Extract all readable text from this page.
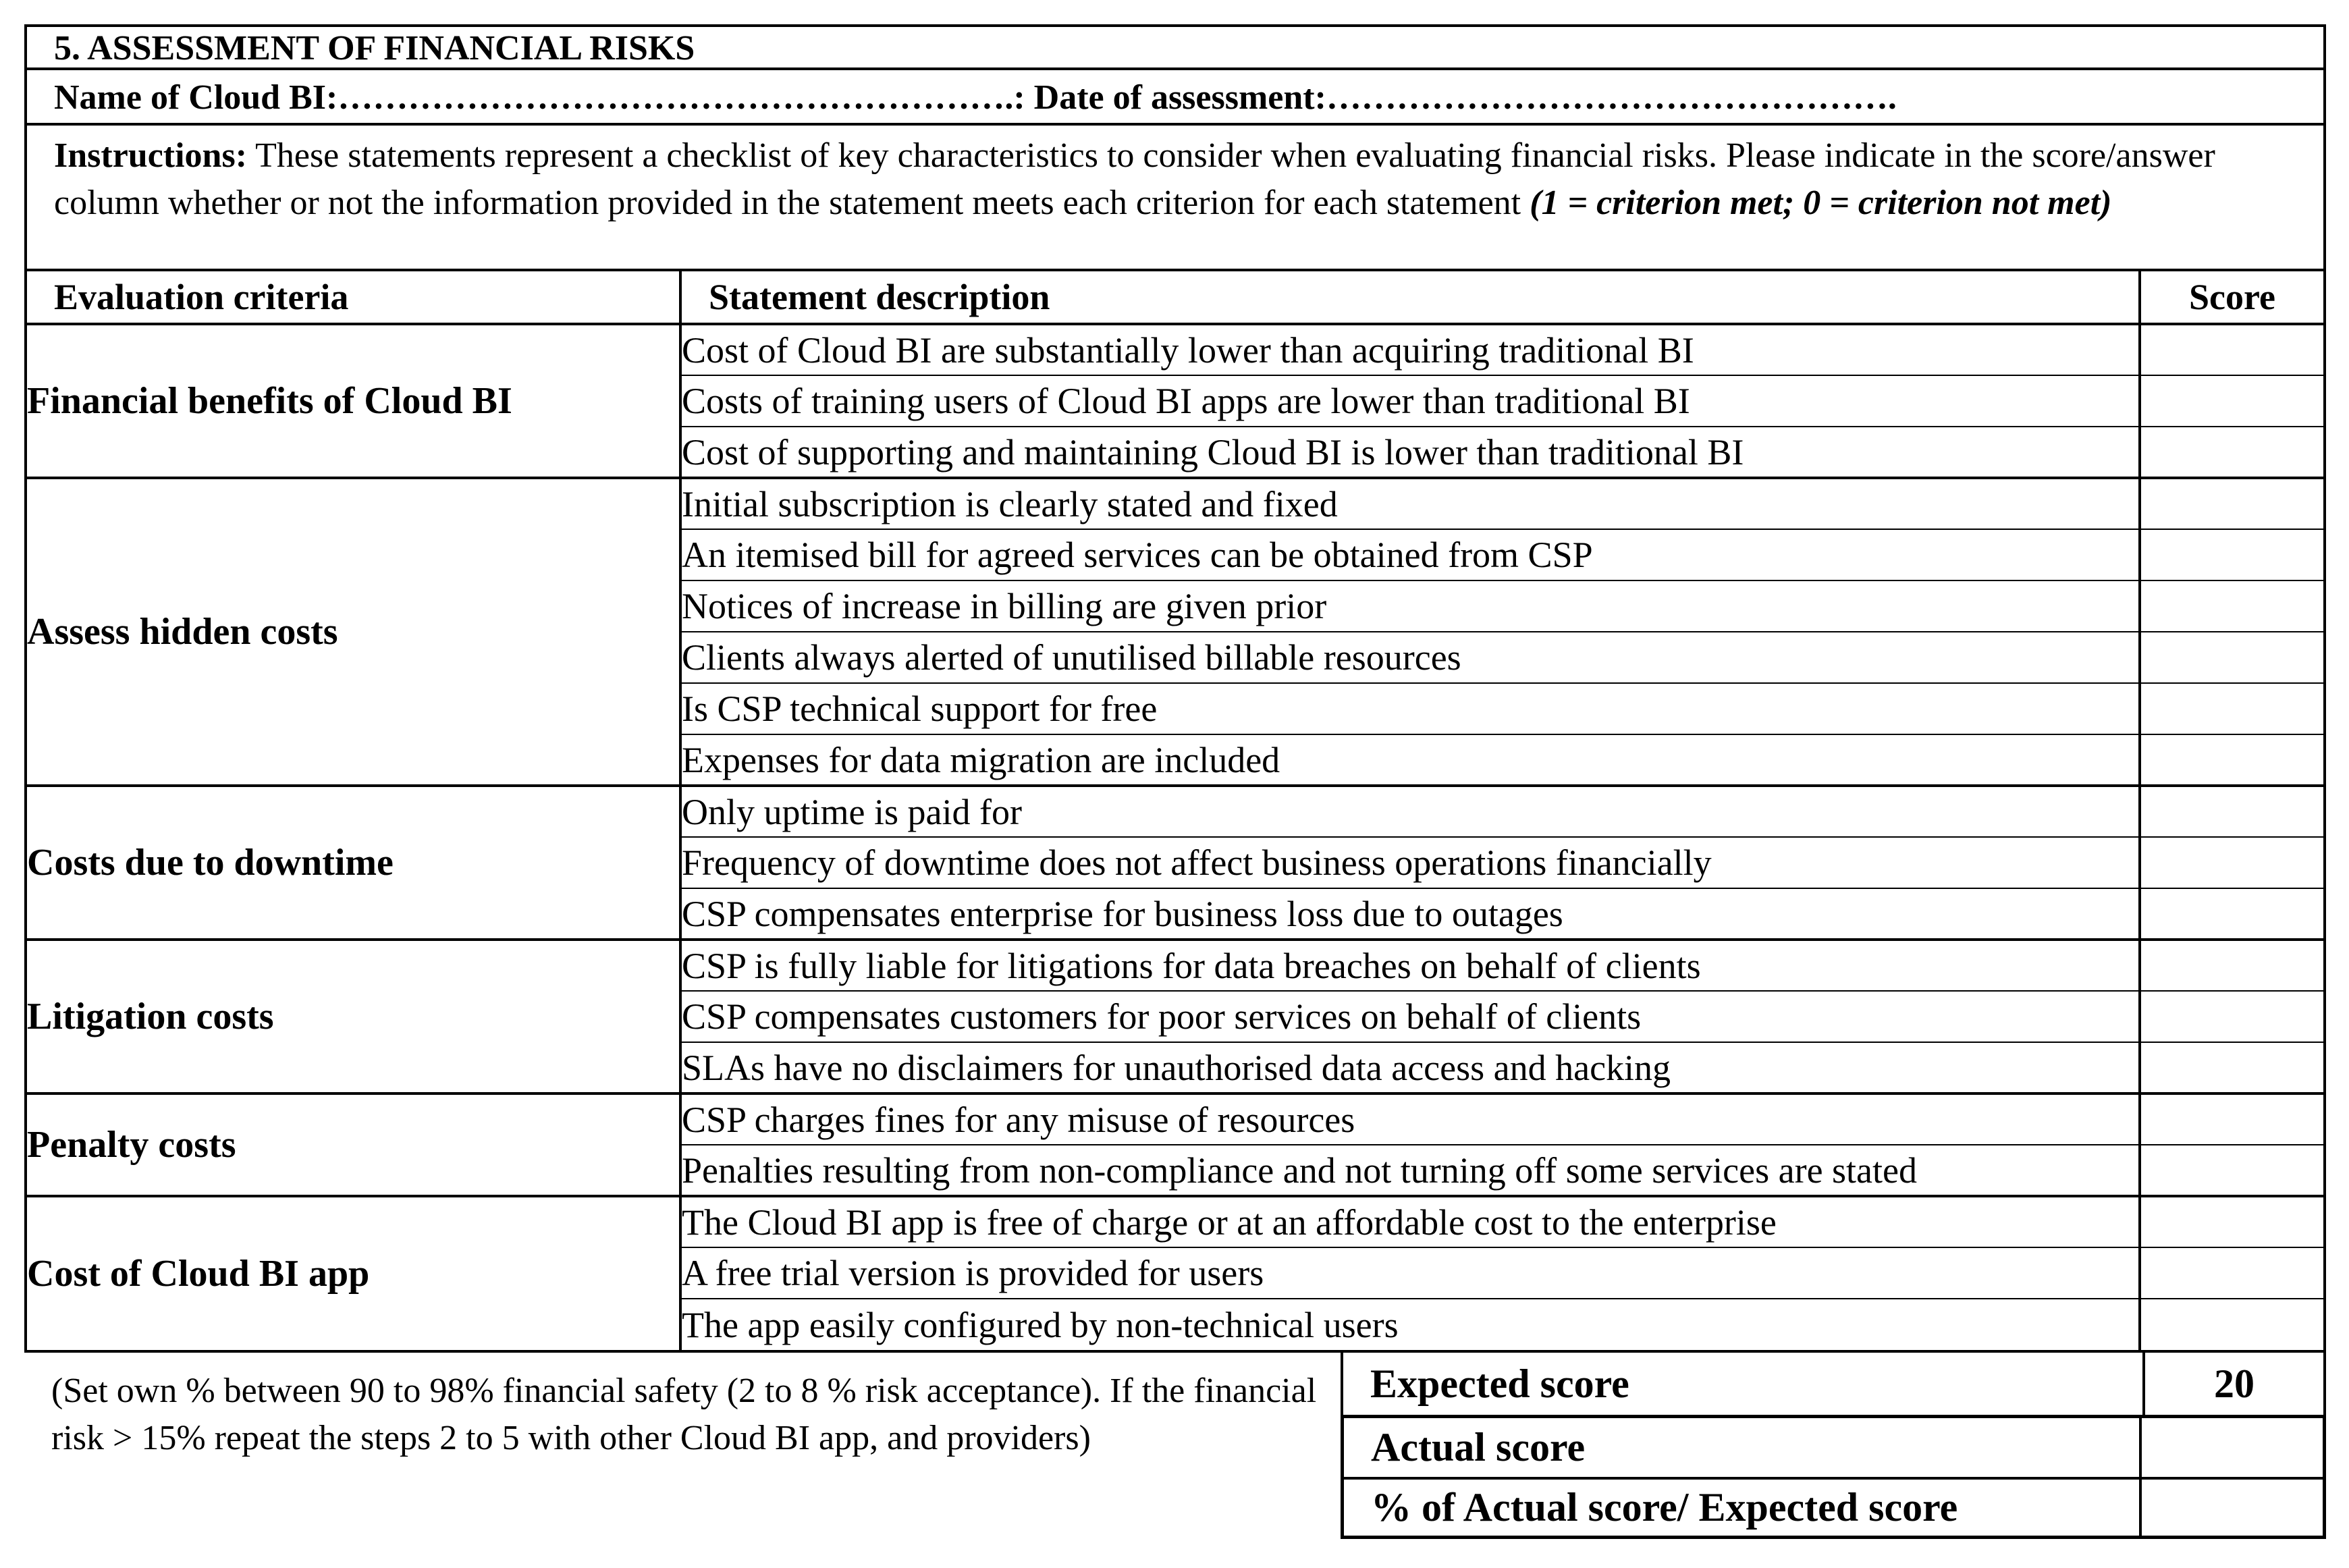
5. ASSESSMENT OF FINANCIAL RISKS
Name of Cloud BI:………………………………………………….: Date of assessment:………………………………………….
Instructions: These statements represent a checklist of key characteristics to consider when evaluating financial risks. Please indicate in the score/answer column whether or not the information provided in the statement meets each criterion for each statement (1 = criterion met; 0 = criterion not met)
Evaluation criteria	Statement description	Score
Financial benefits of Cloud BI	Cost of Cloud BI are substantially lower than acquiring traditional BI	
	Costs of training users of Cloud BI apps are lower than traditional BI	
	Cost of supporting and maintaining Cloud BI is lower than traditional BI	
Assess hidden costs	Initial subscription is clearly stated and fixed	
	An itemised bill for agreed services can be obtained from CSP	
	Notices of increase in billing are given prior	
	Clients always alerted of unutilised billable resources	
	Is CSP technical support for free	
	Expenses for data migration are included	
Costs due to downtime	Only uptime is paid for	
	Frequency of downtime does not affect business operations financially	
	CSP compensates enterprise for business loss due to outages	
Litigation costs	CSP is fully liable for litigations for data breaches on behalf of clients	
	CSP compensates customers for poor services on behalf of clients	
	SLAs have no disclaimers for unauthorised data access and hacking	
Penalty costs	CSP charges fines for any misuse of resources	
	Penalties resulting from non-compliance and not turning off some services are stated	
Cost of Cloud BI app	The Cloud BI app is free of charge or at an affordable cost to the enterprise	
	A free trial version is provided for users	
	The app easily configured by non-technical users	
(Set own % between 90 to 98% financial safety (2 to 8 % risk acceptance). If the financial risk > 15% repeat the steps 2 to 5 with other Cloud BI app, and providers)
Expected score	20
Actual score
% of Actual score/ Expected score
